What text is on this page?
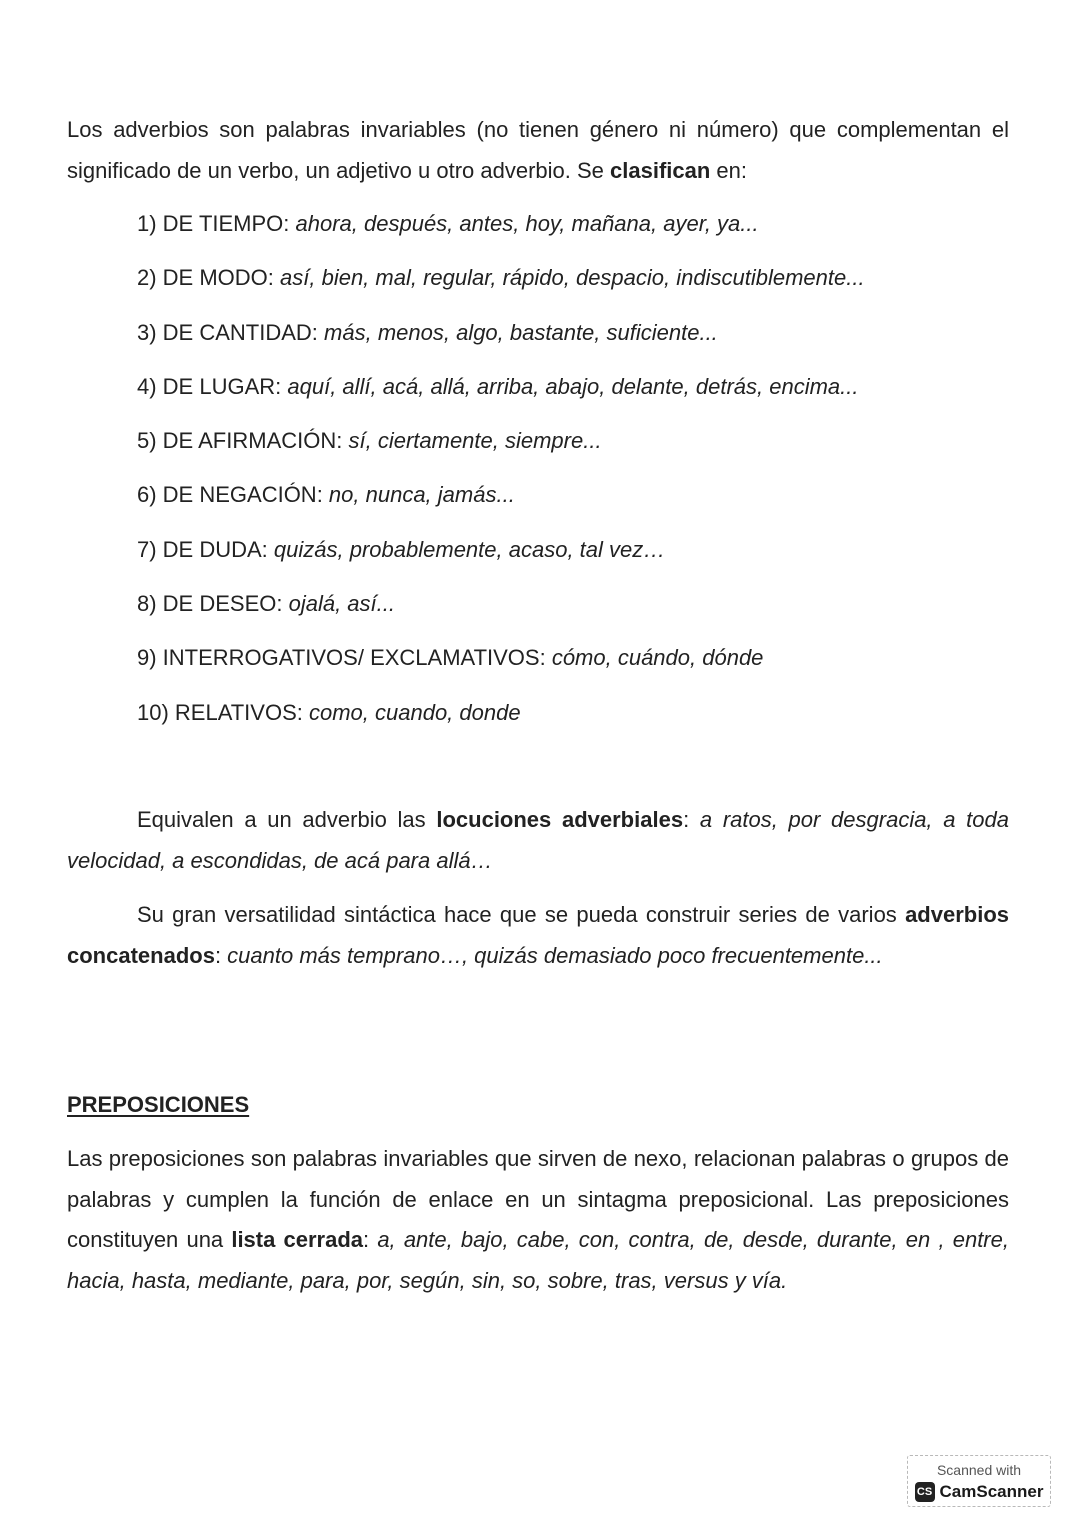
Los adverbios son palabras invariables (no tienen género ni número) que complementan el significado de un verbo, un adjetivo u otro adverbio. Se clasifican en:

1) DE TIEMPO: ahora, después, antes, hoy, mañana, ayer, ya...
2) DE MODO: así, bien, mal, regular, rápido, despacio, indiscutiblemente...
3) DE CANTIDAD: más, menos, algo, bastante, suficiente...
4) DE LUGAR: aquí, allí, acá, allá, arriba, abajo, delante, detrás, encima...
5) DE AFIRMACIÓN: sí, ciertamente, siempre...
6) DE NEGACIÓN: no, nunca, jamás...
7) DE DUDA: quizás, probablemente, acaso, tal vez…
8) DE DESEO: ojalá, así...
9) INTERROGATIVOS/ EXCLAMATIVOS: cómo, cuándo, dónde
10) RELATIVOS: como, cuando, donde

Equivalen a un adverbio las locuciones adverbiales: a ratos, por desgracia, a toda velocidad, a escondidas, de acá para allá…

Su gran versatilidad sintáctica hace que se pueda construir series de varios adverbios concatenados: cuanto más temprano…, quizás demasiado poco frecuentemente...

PREPOSICIONES

Las preposiciones son palabras invariables que sirven de nexo, relacionan palabras o grupos de palabras y cumplen la función de enlace en un sintagma preposicional. Las preposiciones constituyen una lista cerrada: a, ante, bajo, cabe, con, contra, de, desde, durante, en , entre, hacia, hasta, mediante, para, por, según, sin, so, sobre, tras, versus y vía.

Scanned with
CS CamScanner
